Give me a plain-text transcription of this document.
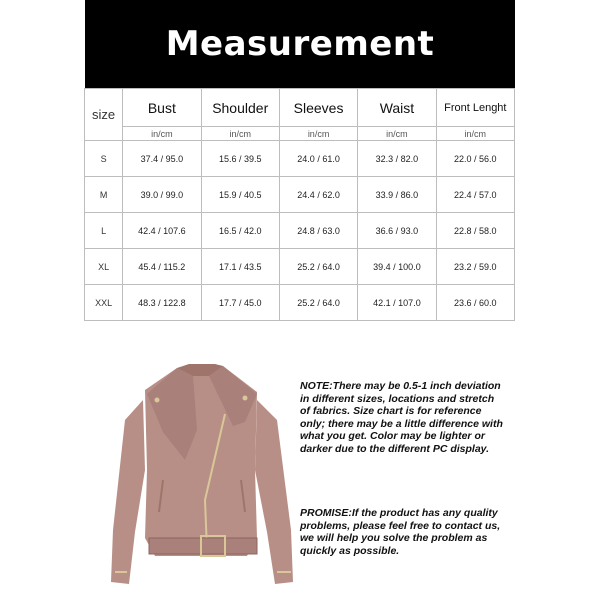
Measurement
size	Bust	Shoulder	Sleeves	Waist	Front Lenght
	in/cm	in/cm	in/cm	in/cm	in/cm
S	37.4 / 95.0	15.6 / 39.5	24.0 / 61.0	32.3 / 82.0	22.0 / 56.0
M	39.0 / 99.0	15.9 / 40.5	24.4 / 62.0	33.9 / 86.0	22.4 / 57.0
L	42.4 / 107.6	16.5 / 42.0	24.8 / 63.0	36.6 / 93.0	22.8 / 58.0
XL	45.4 / 115.2	17.1 / 43.5	25.2 / 64.0	39.4 / 100.0	23.2 / 59.0
XXL	48.3 / 122.8	17.7 / 45.0	25.2 / 64.0	42.1 / 107.0	23.6 / 60.0
NOTE:There may be 0.5-1 inch deviation in different sizes, locations and stretch of fabrics. Size chart is for reference only; there may be a little difference with what you get. Color may be lighter or darker due to the different PC display.
PROMISE:If the product has any quality problems, please feel free to contact us, we will help you solve the problem as quickly as possible.
